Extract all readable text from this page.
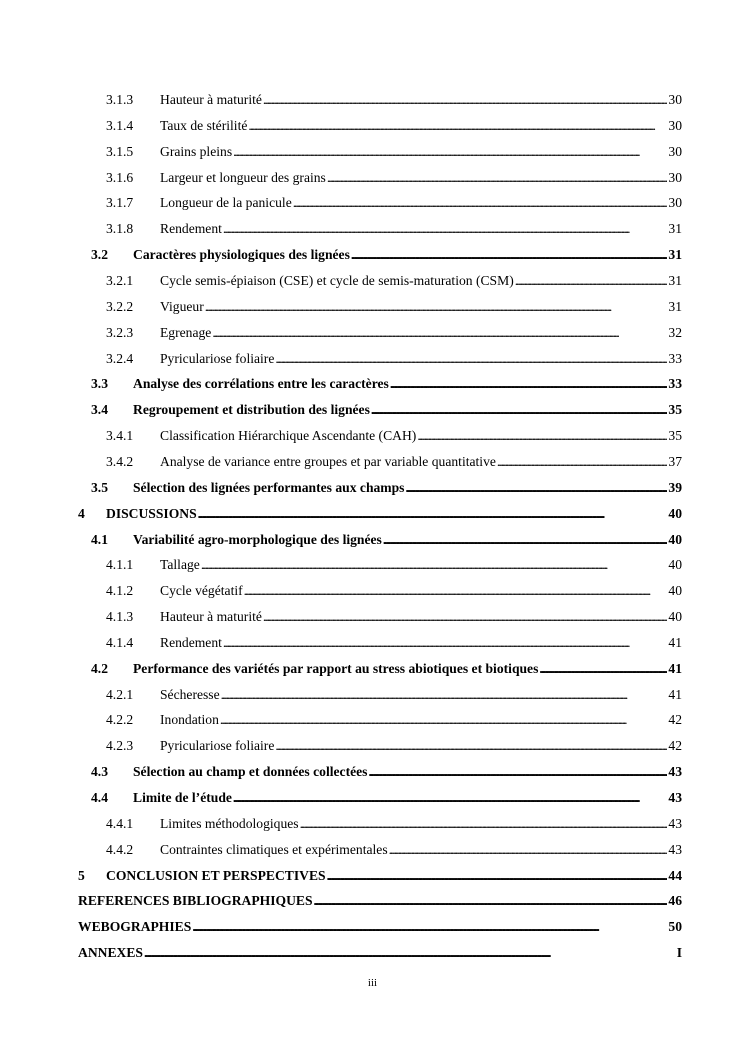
3.1.3	Hauteur à maturité . . .	30
3.1.4	Taux de stérilité . . .	30
3.1.5	Grains pleins . . .	30
3.1.6	Largeur et longueur des grains . . .	30
3.1.7	Longueur de la panicule . . .	30
3.1.8	Rendement . . .	31
3.2	Caractères physiologiques des lignées . . .	31
3.2.1	Cycle semis-épiaison (CSE) et cycle de semis-maturation (CSM) . . .	31
3.2.2	Vigueur . . .	31
3.2.3	Egrenage . . .	32
3.2.4	Pyriculariose foliaire . . .	33
3.3	Analyse des corrélations entre les caractères . . .	33
3.4	Regroupement et distribution des lignées . . .	35
3.4.1	Classification Hiérarchique Ascendante (CAH) . . .	35
3.4.2	Analyse de variance entre groupes et par variable quantitative . . .	37
3.5	Sélection des lignées performantes aux champs . . .	39
4	DISCUSSIONS . . .	40
4.1	Variabilité agro-morphologique des lignées . . .	40
4.1.1	Tallage . . .	40
4.1.2	Cycle végétatif . . .	40
4.1.3	Hauteur à maturité . . .	40
4.1.4	Rendement . . .	41
4.2	Performance des variétés par rapport au stress abiotiques et biotiques . . .	41
4.2.1	Sécheresse . . .	41
4.2.2	Inondation . . .	42
4.2.3	Pyriculariose foliaire . . .	42
4.3	Sélection au champ et données collectées . . .	43
4.4	Limite de l’étude . . .	43
4.4.1	Limites méthodologiques . . .	43
4.4.2	Contraintes climatiques et expérimentales . . .	43
5	CONCLUSION ET PERSPECTIVES . . .	44
REFERENCES BIBLIOGRAPHIQUES . . .	46
WEBOGRAPHIES . . .	50
ANNEXES . . .	I
iii
